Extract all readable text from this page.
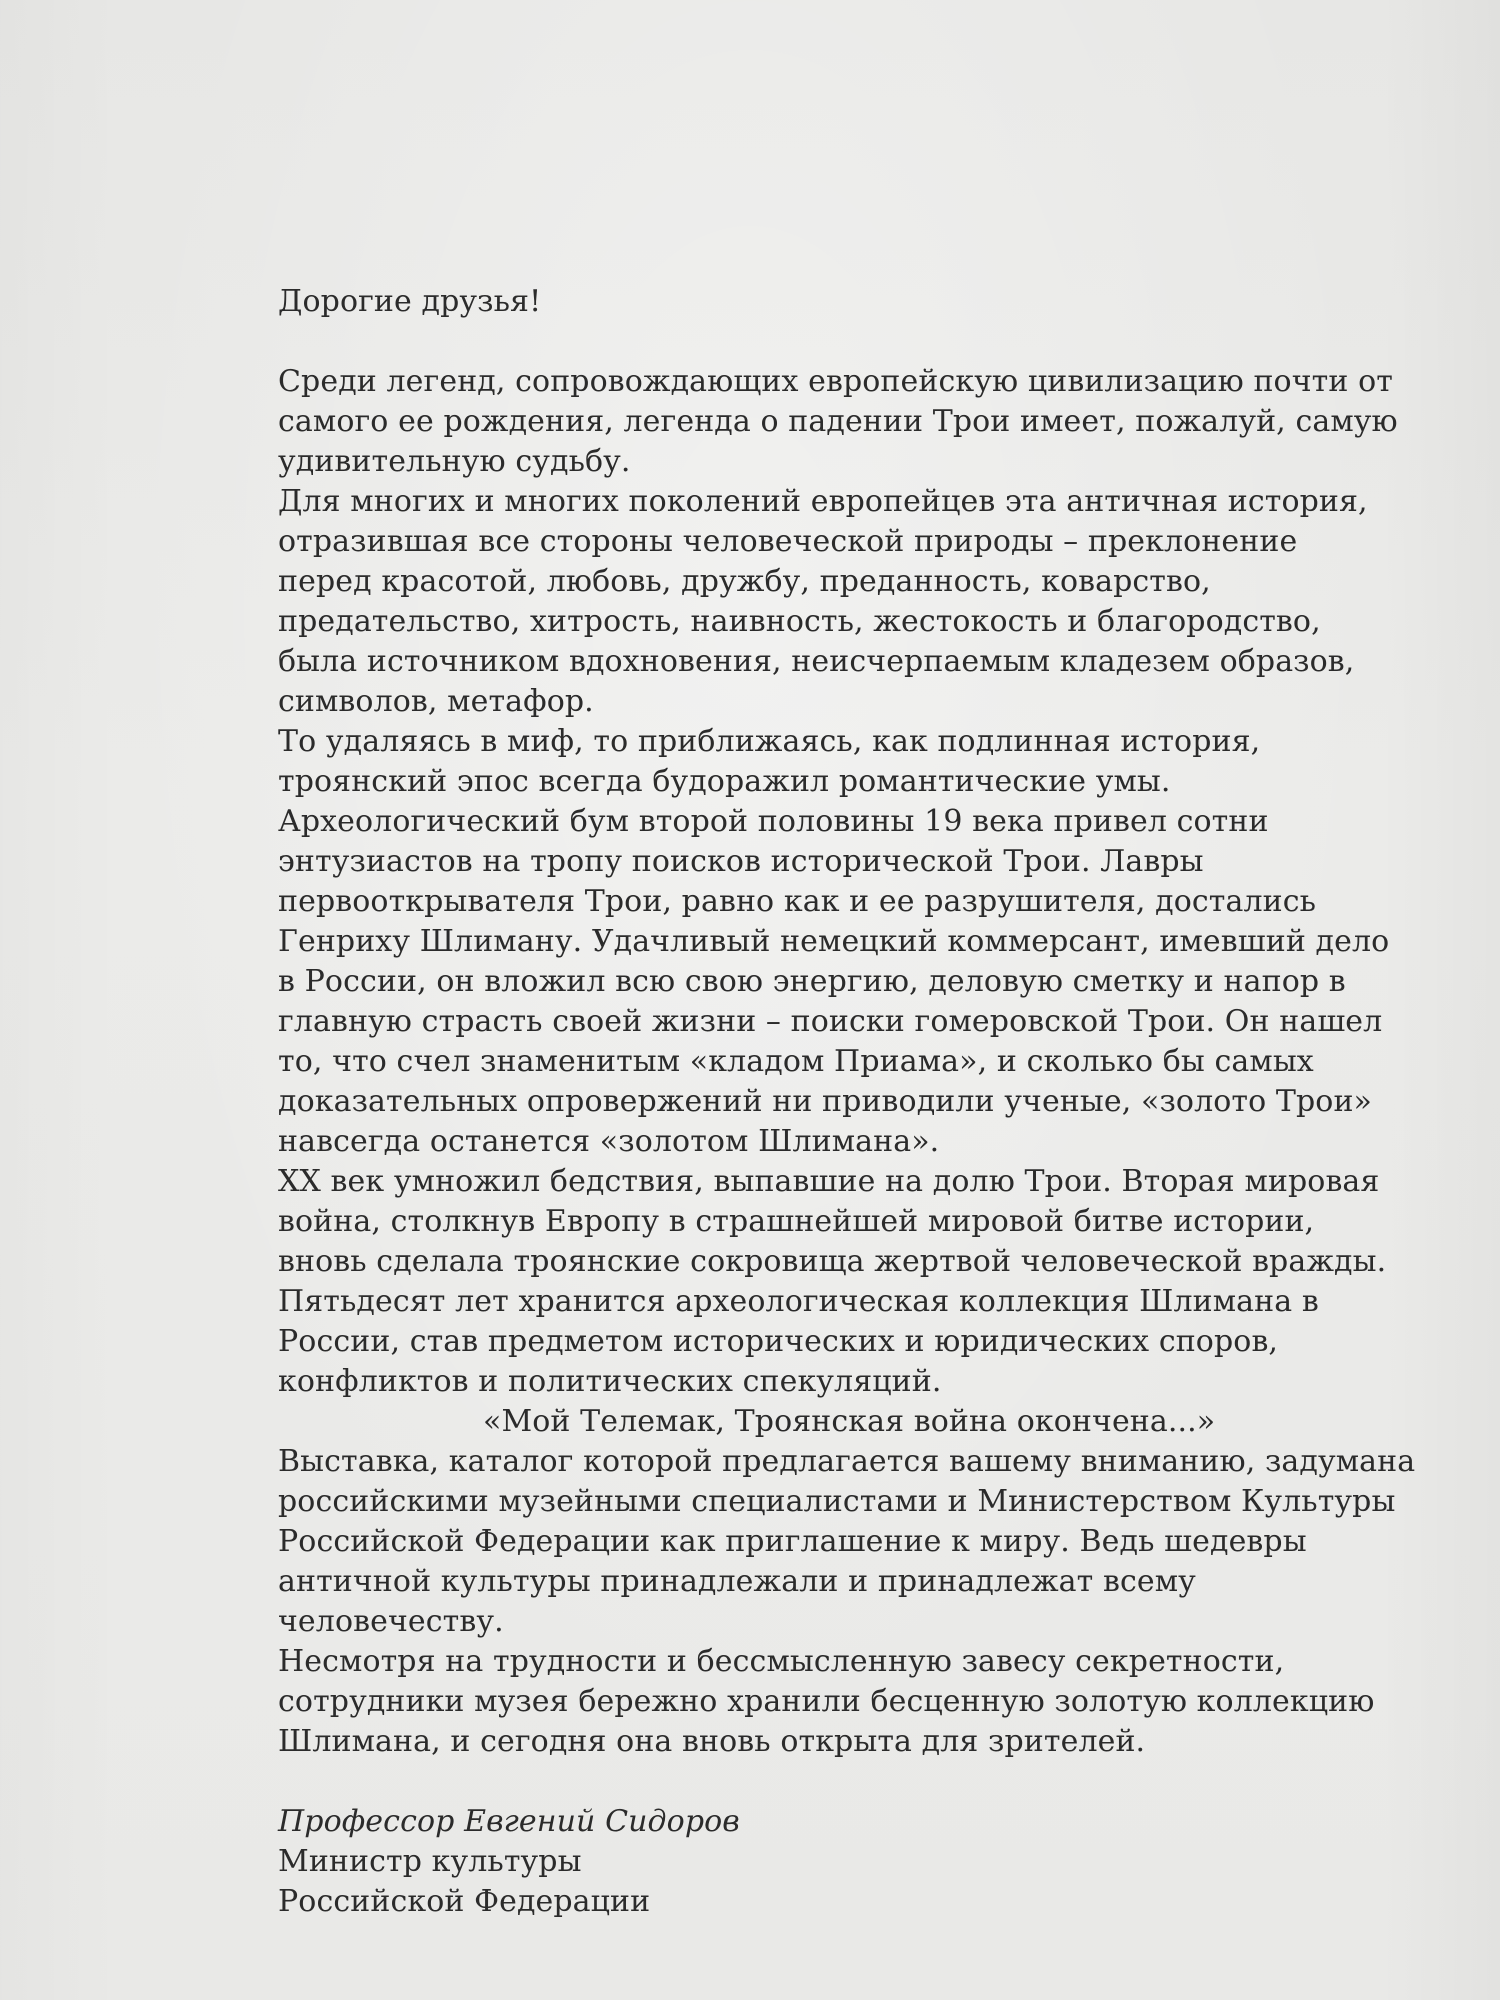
Дорогие друзья!

Среди легенд, сопровождающих европейскую цивилизацию почти от
самого ее рождения, легенда о падении Трои имеет, пожалуй, самую
удивительную судьбу.

Для многих и многих поколений европейцев эта античная история,
отразившая все стороны человеческой природы – преклонение
перед красотой, любовь, дружбу, преданность, коварство,
предательство, хитрость, наивность, жестокость и благородство,
была источником вдохновения, неисчерпаемым кладезем образов,
символов, метафор.

То удаляясь в миф, то приближаясь, как подлинная история,
троянский эпос всегда будоражил романтические умы.
Археологический бум второй половины 19 века привел сотни
энтузиастов на тропу поисков исторической Трои. Лавры
первооткрывателя Трои, равно как и ее разрушителя, достались
Генриху Шлиману. Удачливый немецкий коммерсант, имевший дело
в России, он вложил всю свою энергию, деловую сметку и напор в
главную страсть своей жизни – поиски гомеровской Трои. Он нашел
то, что счел знаменитым «кладом Приама», и сколько бы самых
доказательных опровержений ни приводили ученые, «золото Трои»
навсегда останется «золотом Шлимана».

XX век умножил бедствия, выпавшие на долю Трои. Вторая мировая
война, столкнув Европу в страшнейшей мировой битве истории,
вновь сделала троянские сокровища жертвой человеческой вражды.
Пятьдесят лет хранится археологическая коллекция Шлимана в
России, став предметом исторических и юридических споров,
конфликтов и политических спекуляций.

«Мой Телемак, Троянская война окончена...»

Выставка, каталог которой предлагается вашему вниманию, задумана
российскими музейными специалистами и Министерством Культуры
Российской Федерации как приглашение к миру. Ведь шедевры
античной культуры принадлежали и принадлежат всему
человечеству.

Несмотря на трудности и бессмысленную завесу секретности,
сотрудники музея бережно хранили бесценную золотую коллекцию
Шлимана, и сегодня она вновь открыта для зрителей.

Профессор Евгений Сидоров

Министр культуры

Российской Федерации
